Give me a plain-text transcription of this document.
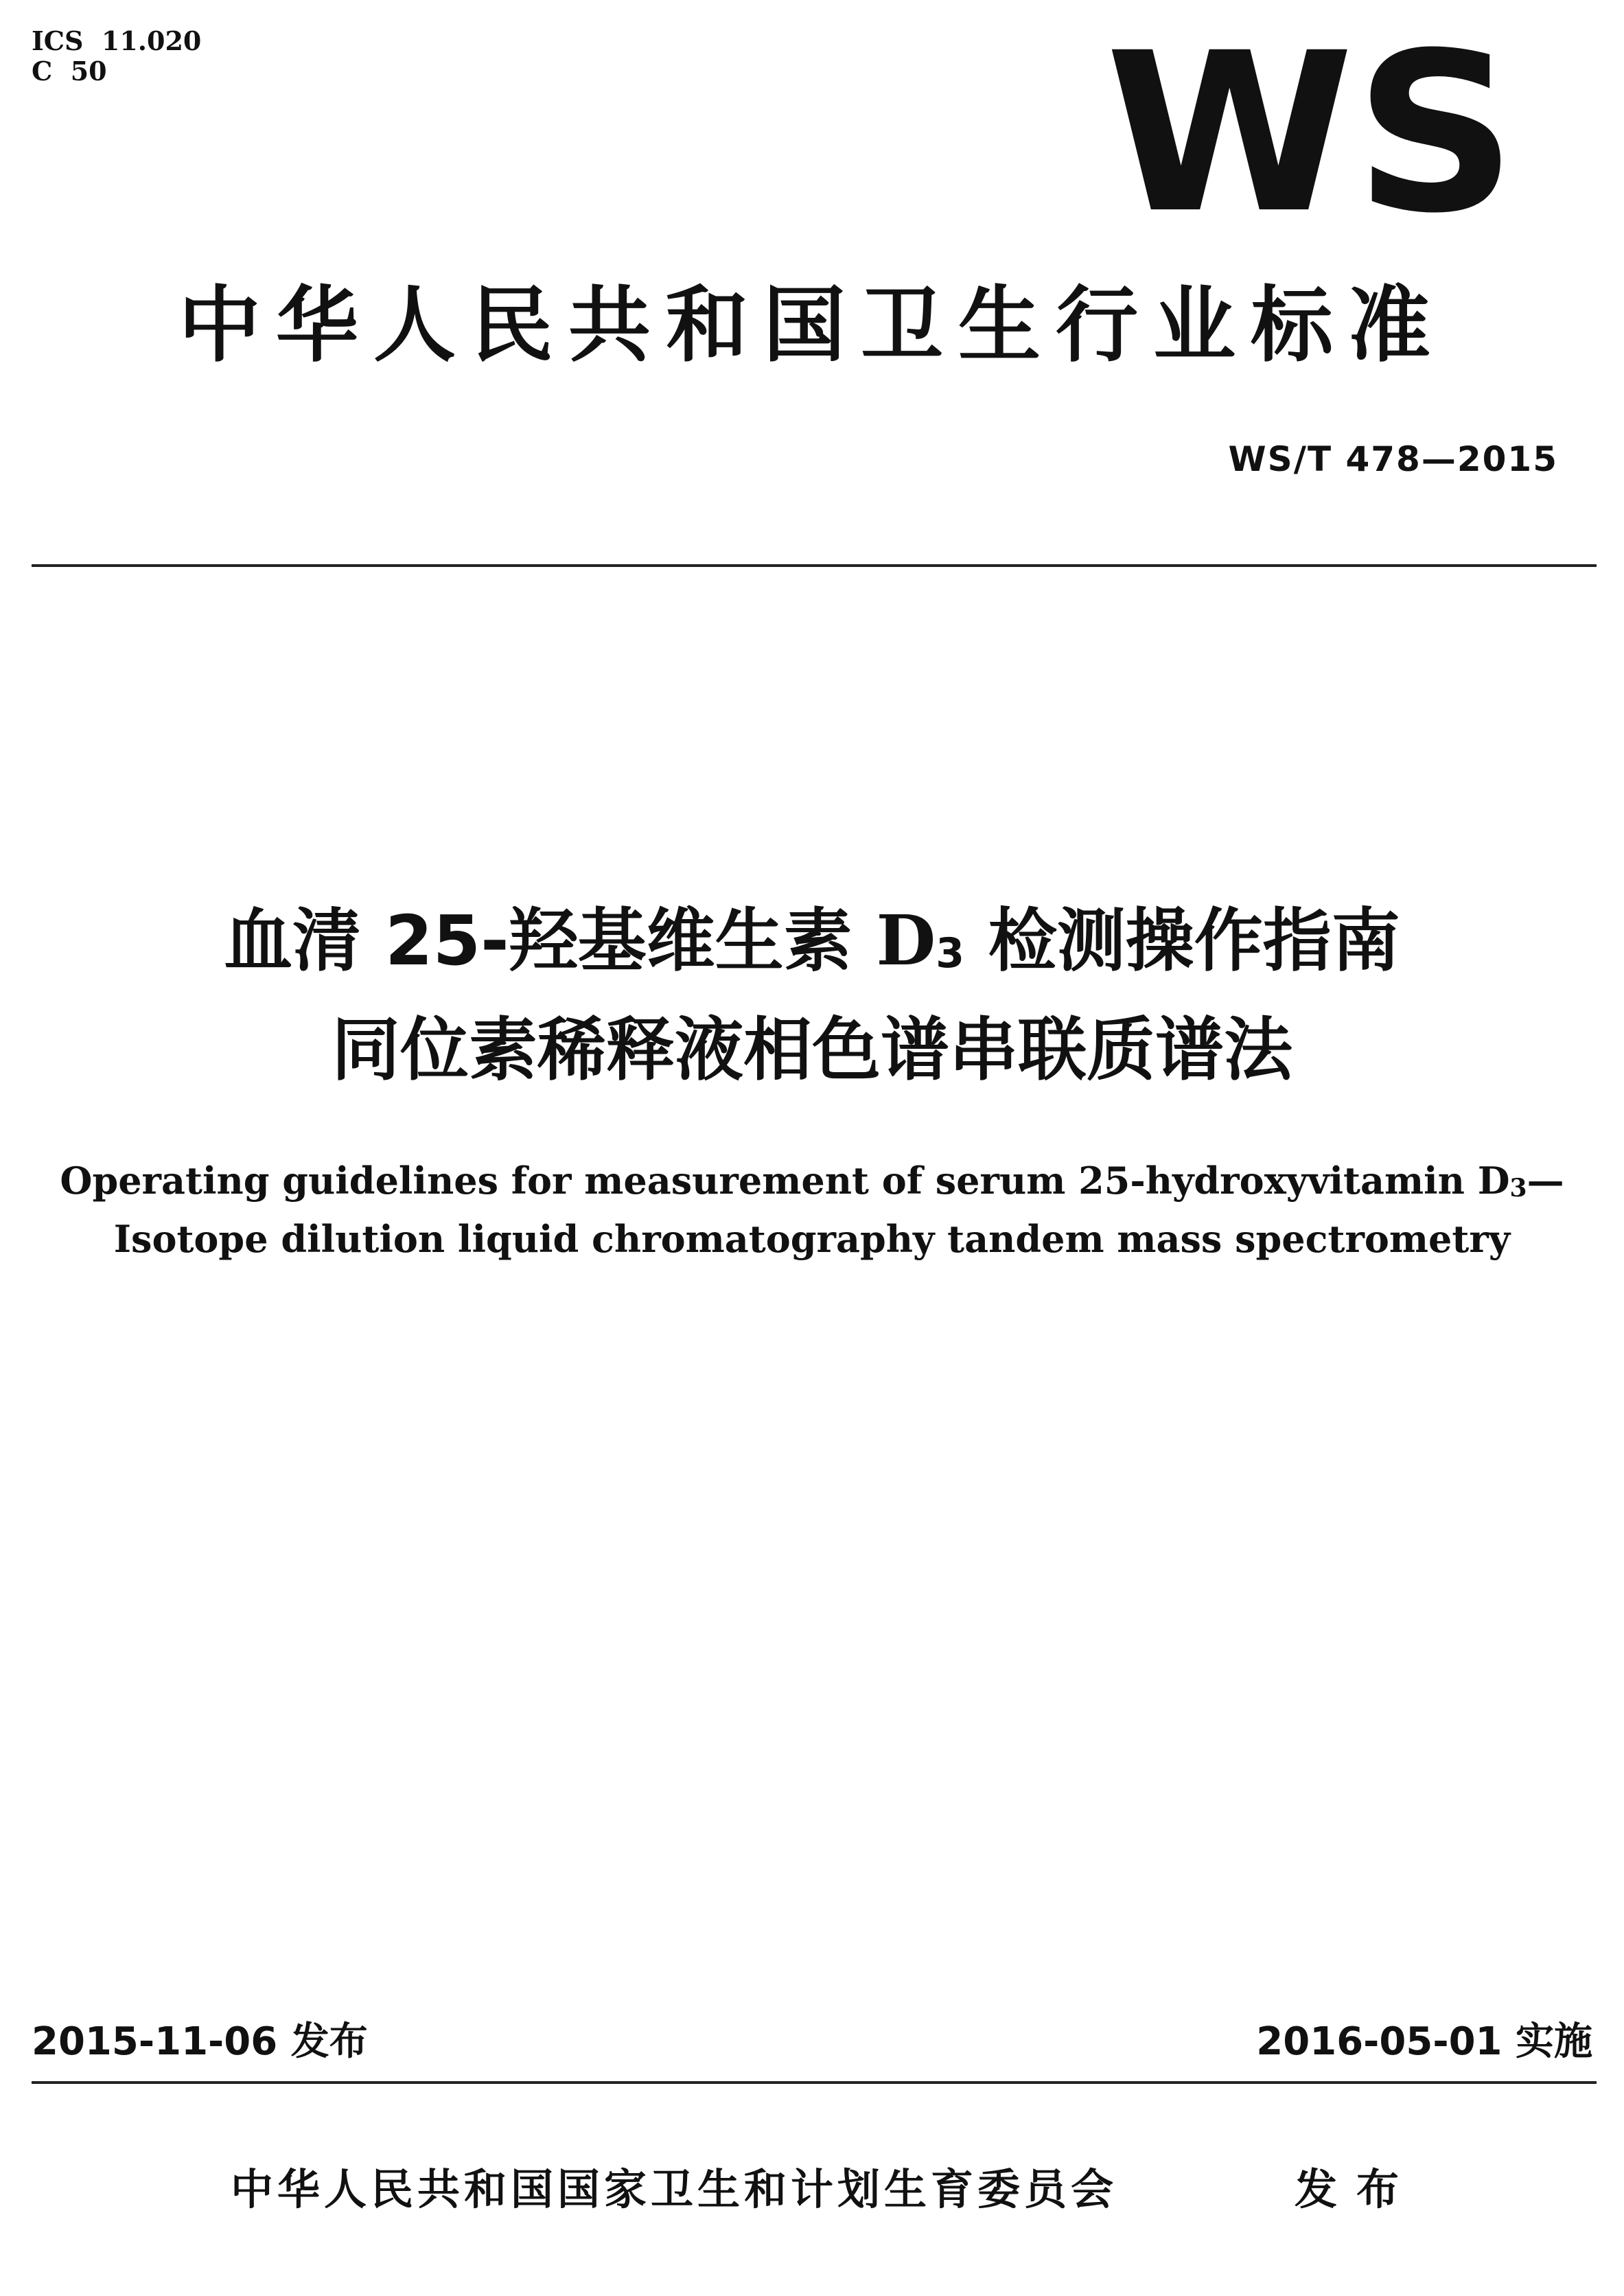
ICS  11.020
C  50	WS
中华人民共和国卫生行业标准
WS/T 478—2015
血清 25-羟基维生素 D3 检测操作指南
同位素稀释液相色谱串联质谱法
Operating guidelines for measurement of serum 25-hydroxyvitamin D3—
Isotope dilution liquid chromatography tandem mass spectrometry
2015-11-06 发布	2016-05-01 实施
中华人民共和国国家卫生和计划生育委员会	发布
